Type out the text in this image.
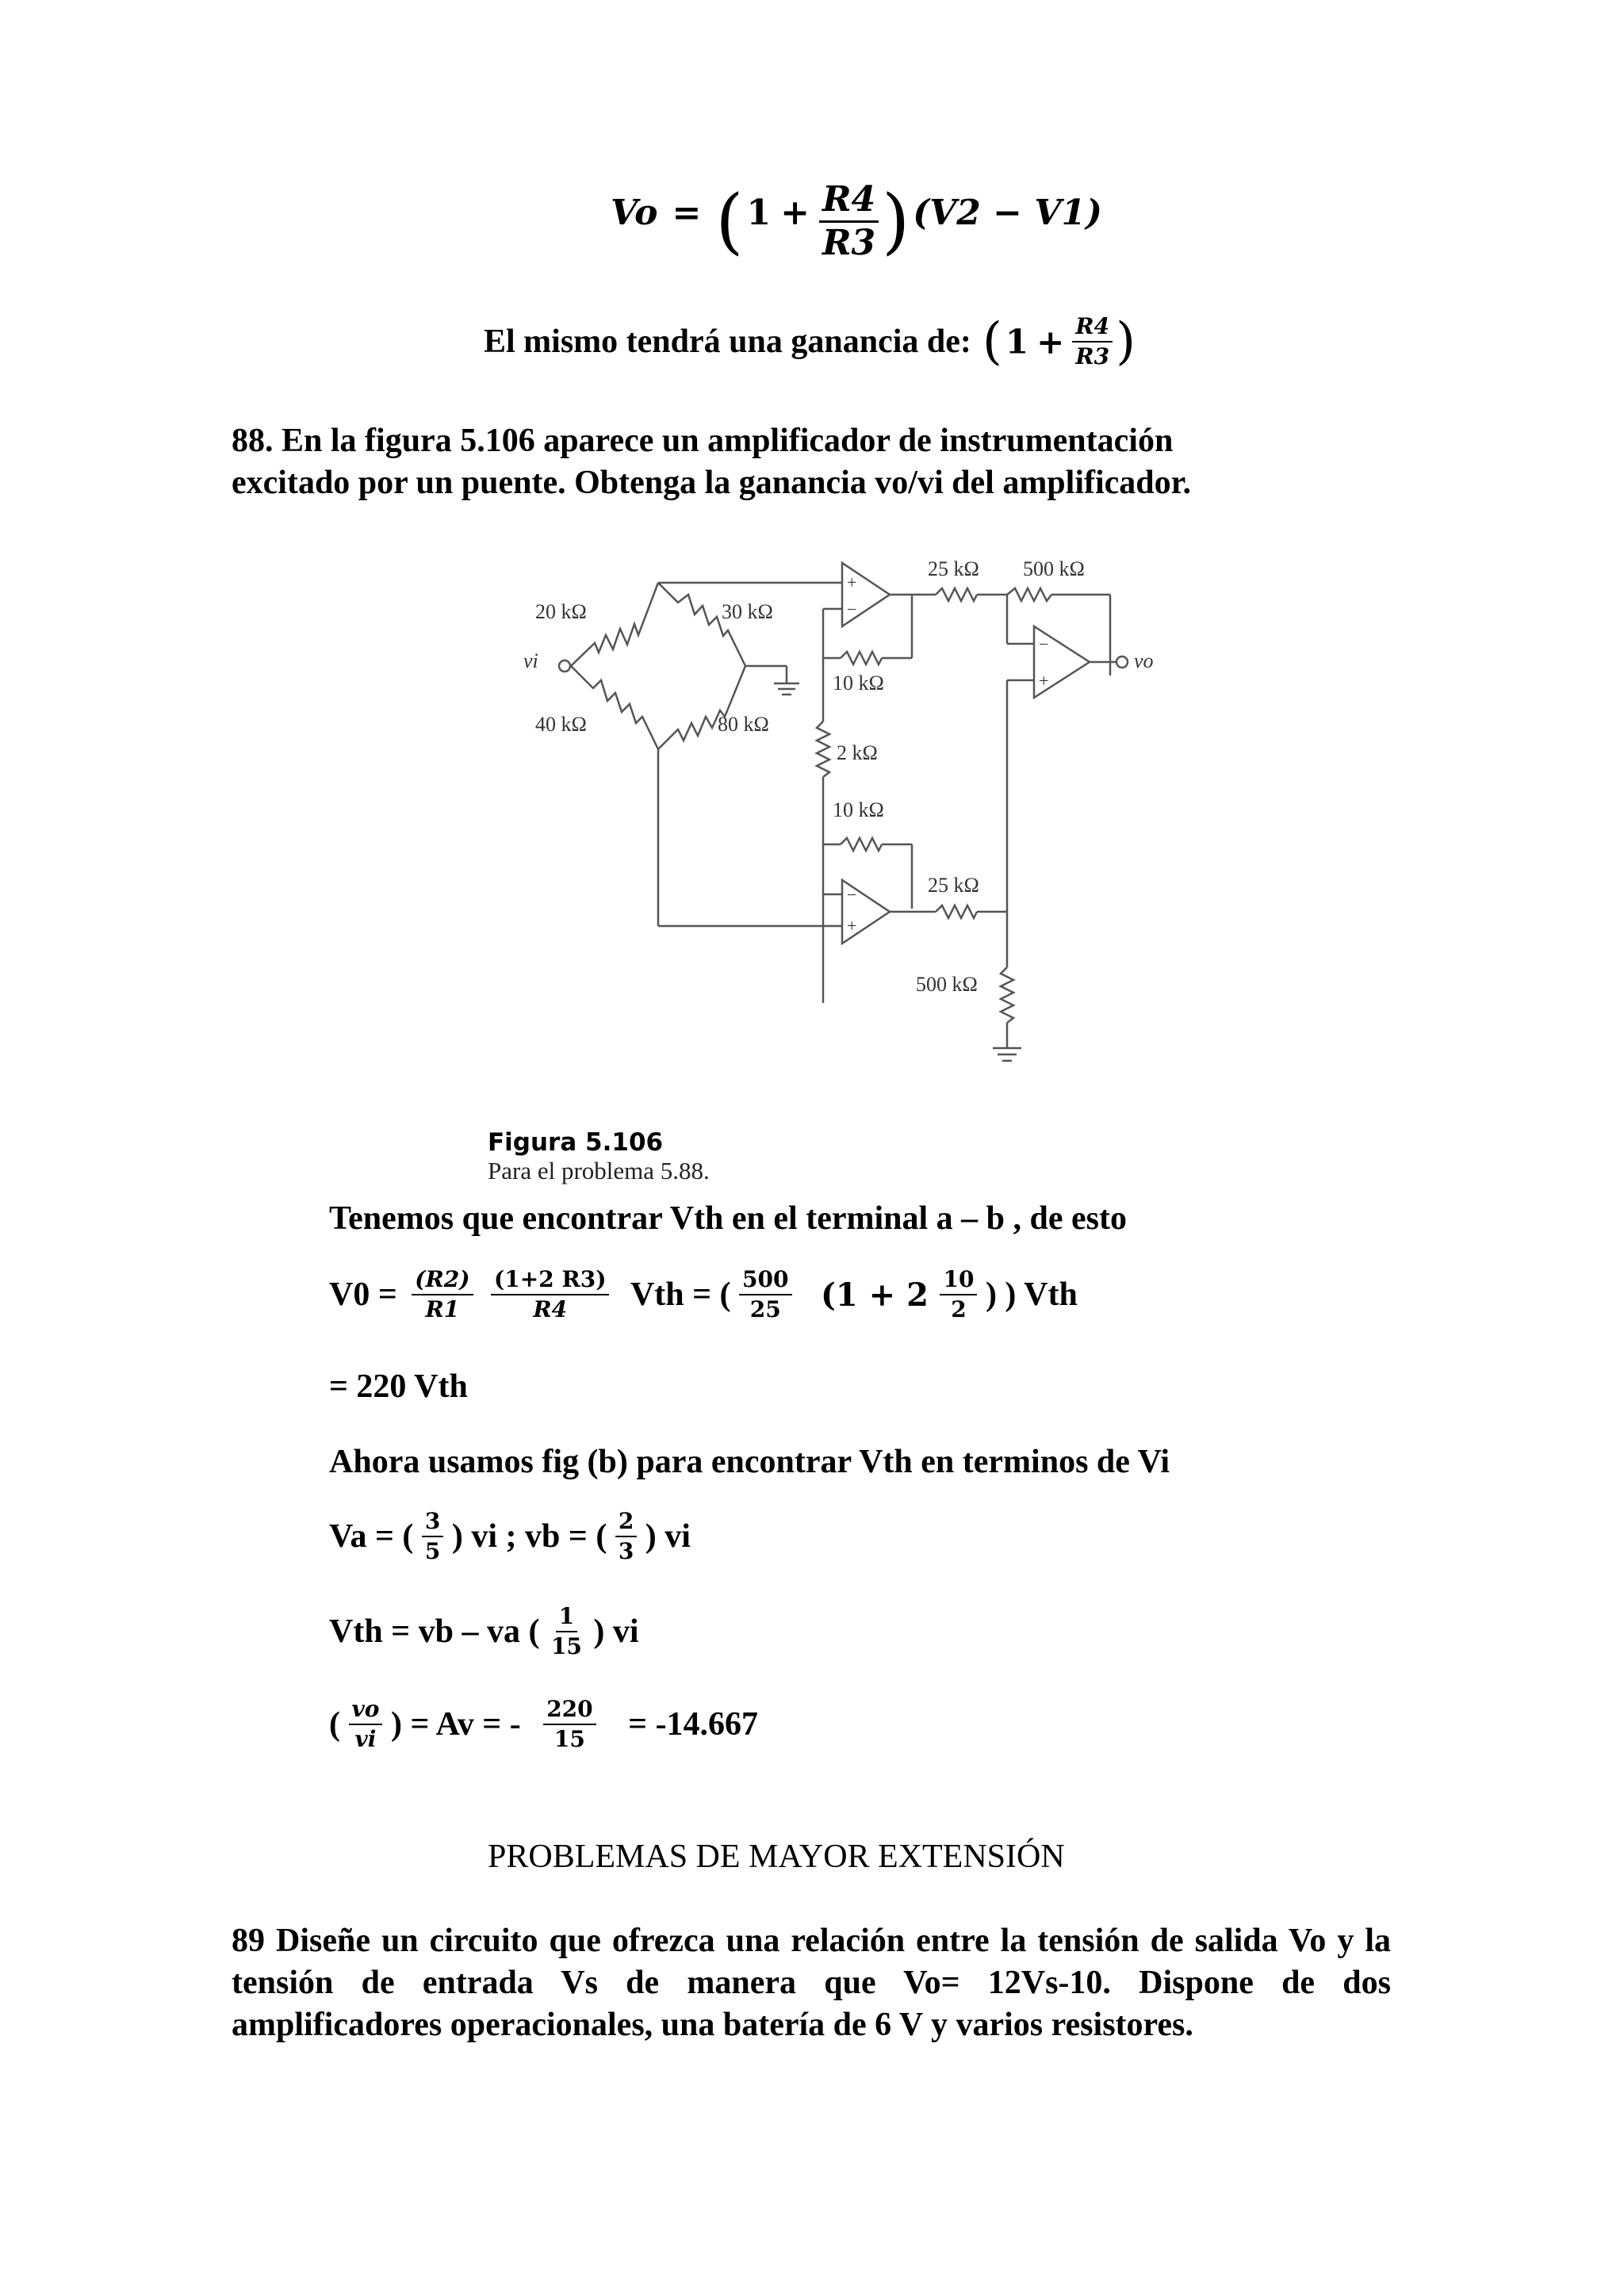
Vo = ( $1 + \frac{R4}{R3}$ ) (V2 − V1)
El mismo tendrá una ganancia de: ( $1 + \frac{R4}{R3}$ )
88. En la figura 5.106 aparece un amplificador de instrumentación excitado por un puente. Obtenga la ganancia vo/vi del amplificador.
20 kΩ	30 kΩ
40 kΩ	80 kΩ
vi
10 kΩ
2 kΩ
10 kΩ
25 kΩ 500 kΩ
25 kΩ
500 kΩ
vo
+
−
−
+
−
+
Figura 5.106
Para el problema 5.88.
Tenemos que encontrar Vth en el terminal a – b , de esto
$V0 = \frac{(R2)}{R1}$
$\frac{(1+2 R3)}{R4}$ Vth = ( $\frac{500}{25} (1 + 2 \frac{10}{2}$ ) ) Vth
= 220 Vth
Ahora usamos fig (b) para encontrar Vth en terminos de Vi
Va = ( $\frac{3}{5}$ ) vi ; vb = ( $\frac{2}{3}$ ) vi
Vth = vb – va ( $\frac{1}{15}$ ) vi
( $\frac{vo}{vi}$ ) = Av = - $\frac{220}{15} = -14.667$
PROBLEMAS DE MAYOR EXTENSIÓN
89 Diseñe un circuito que ofrezca una relación entre la tensión de salida Vo y la tensión de entrada Vs de manera que Vo= 12Vs-10. Dispone de dos amplificadores operacionales, una batería de 6 V y varios resistores.
